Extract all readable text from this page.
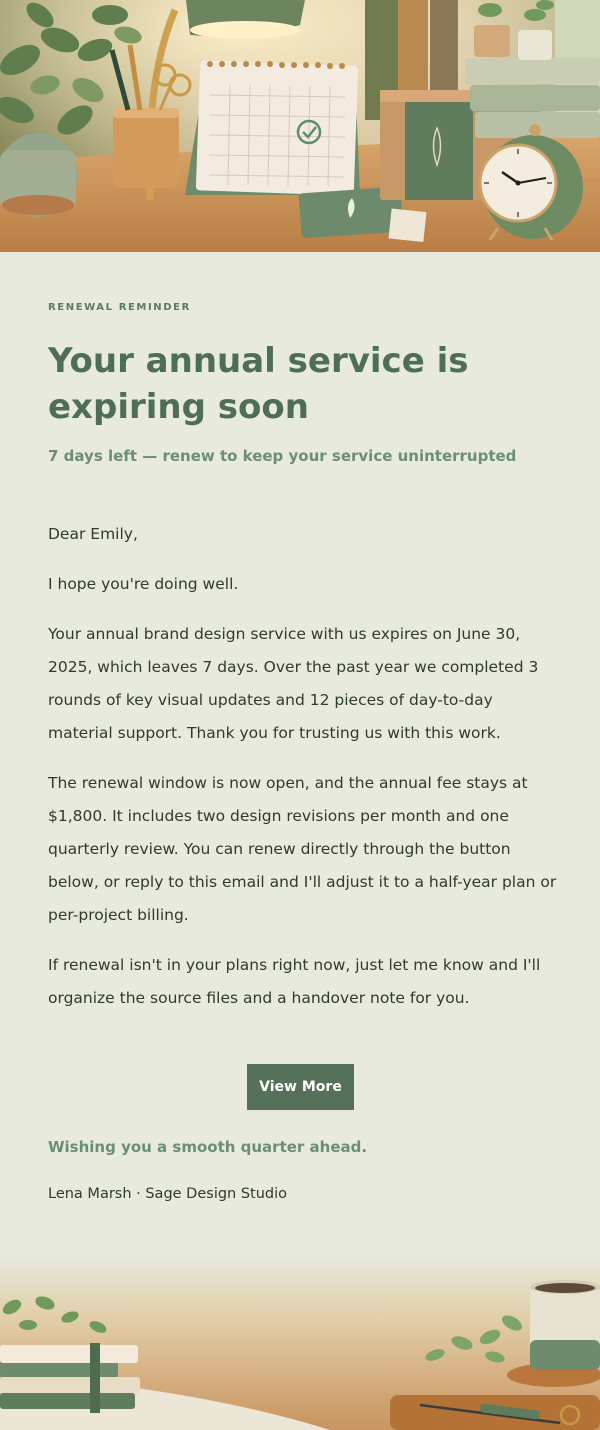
RENEWAL REMINDER
Your annual service is expiring soon
7 days left — renew to keep your service uninterrupted

Dear Emily,

I hope you're doing well.

Your annual brand design service with us expires on June 30, 2025, which leaves 7 days. Over the past year we completed 3 rounds of key visual updates and 12 pieces of day-to-day material support. Thank you for trusting us with this work.

The renewal window is now open, and the annual fee stays at $1,800. It includes two design revisions per month and one quarterly review. You can renew directly through the button below, or reply to this email and I'll adjust it to a half-year plan or per-project billing.

If renewal isn't in your plans right now, just let me know and I'll organize the source files and a handover note for you.

View More
Wishing you a smooth quarter ahead.
Lena Marsh · Sage Design Studio
